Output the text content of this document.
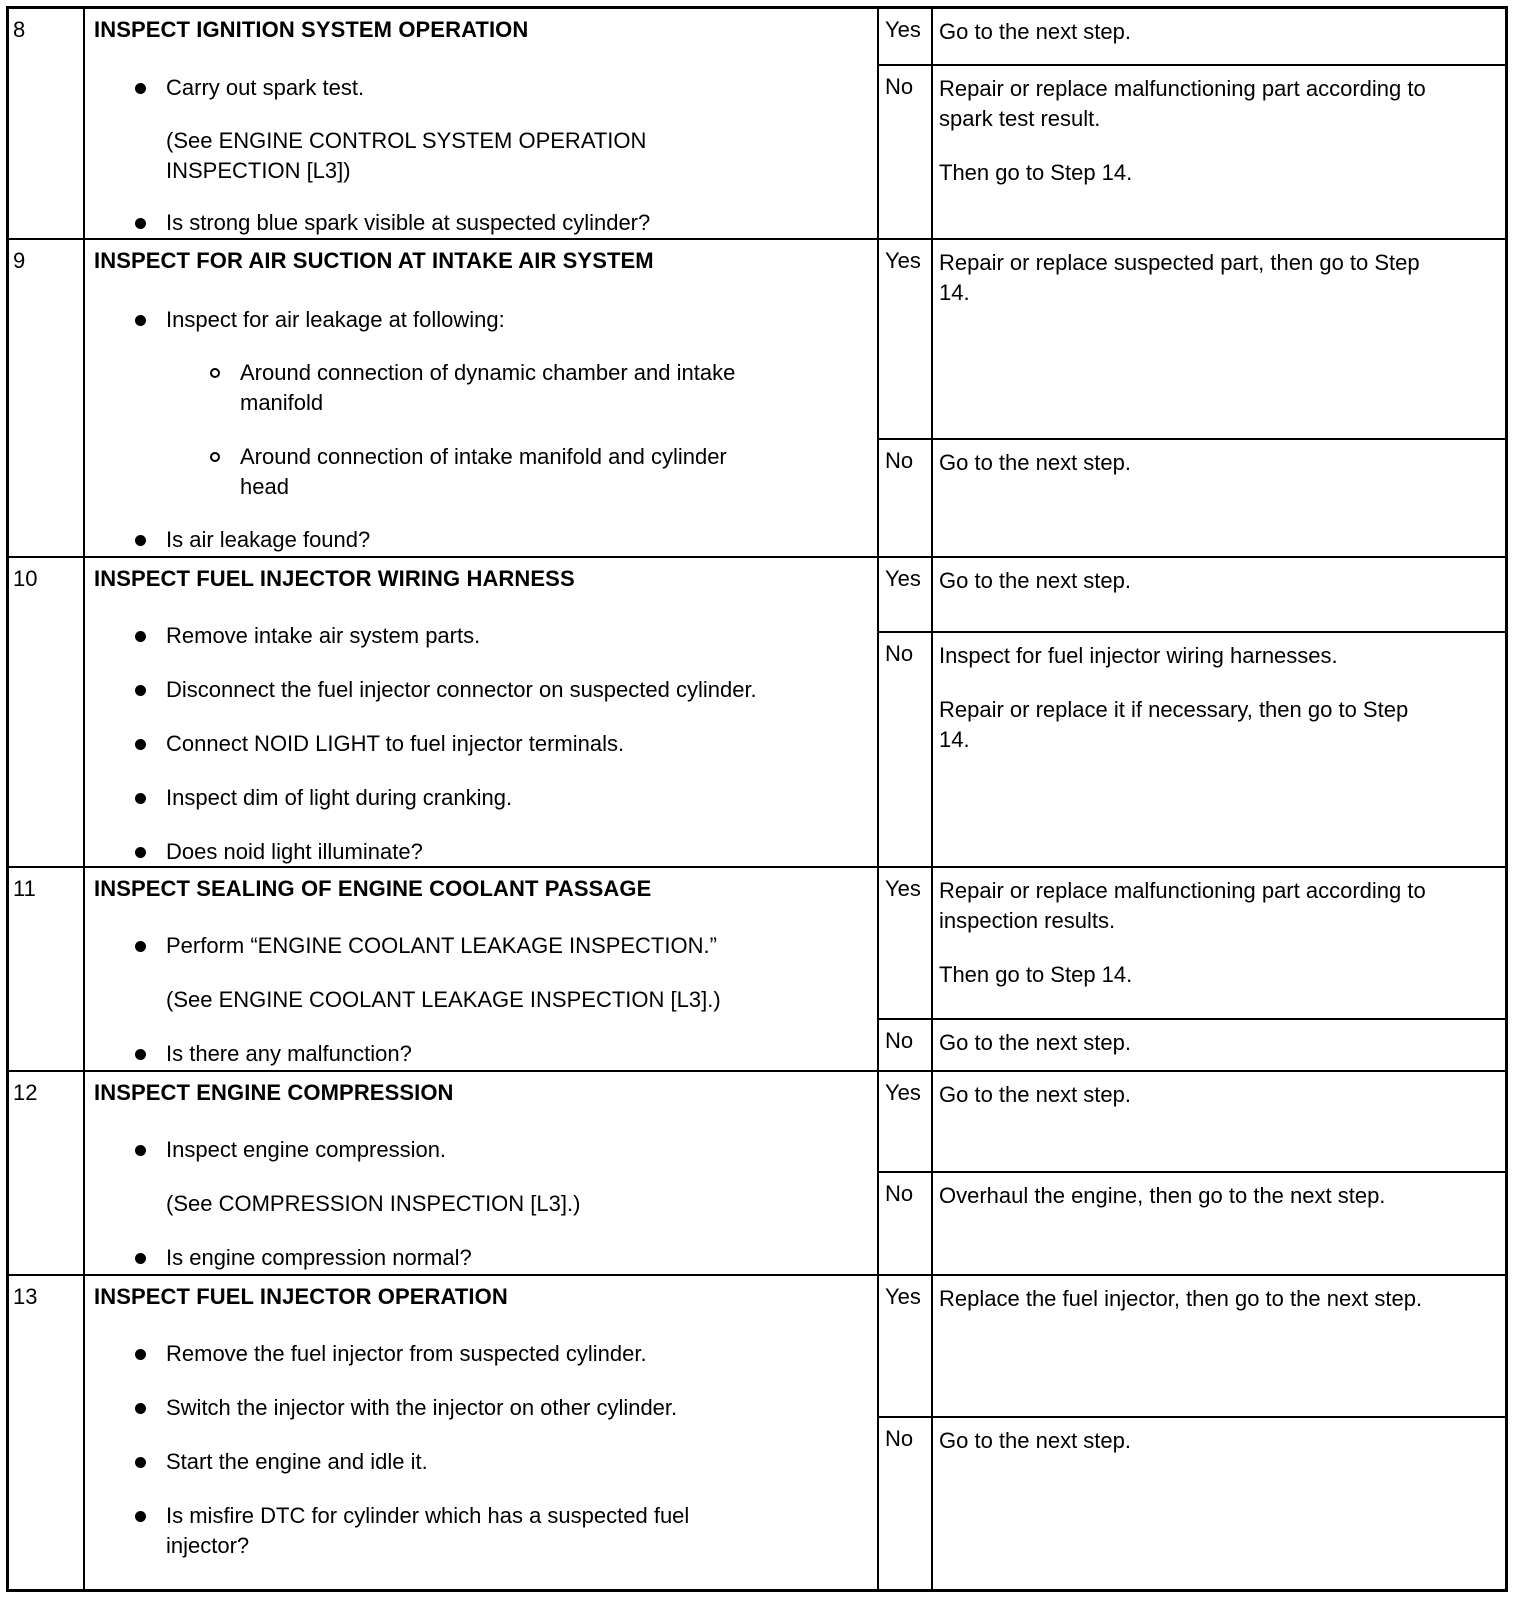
8	INSPECT IGNITION SYSTEM OPERATION
Carry out spark test.
(See ENGINE CONTROL SYSTEM OPERATION
INSPECTION [L3])
Is strong blue spark visible at suspected cylinder?
Yes Go to the next step.
No	Repair or replace malfunctioning part according to
spark test result.
Then go to Step 14.
9	INSPECT FOR AIR SUCTION AT INTAKE AIR SYSTEM
Inspect for air leakage at following:
Around connection of dynamic chamber and intake
manifold
Around connection of intake manifold and cylinder
head
Is air leakage found?
Yes Repair or replace suspected part, then go to Step
14.
No	Go to the next step.
10	INSPECT FUEL INJECTOR WIRING HARNESS
Remove intake air system parts.
Disconnect the fuel injector connector on suspected cylinder.
Connect NOID LIGHT to fuel injector terminals.
Inspect dim of light during cranking.
Does noid light illuminate?
Yes Go to the next step.
No	Inspect for fuel injector wiring harnesses.
Repair or replace it if necessary, then go to Step
14.
11	INSPECT SEALING OF ENGINE COOLANT PASSAGE
Perform “ENGINE COOLANT LEAKAGE INSPECTION.”
(See ENGINE COOLANT LEAKAGE INSPECTION [L3].)
Is there any malfunction?
Yes Repair or replace malfunctioning part according to
inspection results.
Then go to Step 14.
No	Go to the next step.
12	INSPECT ENGINE COMPRESSION
Inspect engine compression.
(See COMPRESSION INSPECTION [L3].)
Is engine compression normal?
Yes Go to the next step.
No	Overhaul the engine, then go to the next step.
13	INSPECT FUEL INJECTOR OPERATION
Remove the fuel injector from suspected cylinder.
Switch the injector with the injector on other cylinder.
Start the engine and idle it.
Is misfire DTC for cylinder which has a suspected fuel
injector?
Yes Replace the fuel injector, then go to the next step.
No	Go to the next step.
